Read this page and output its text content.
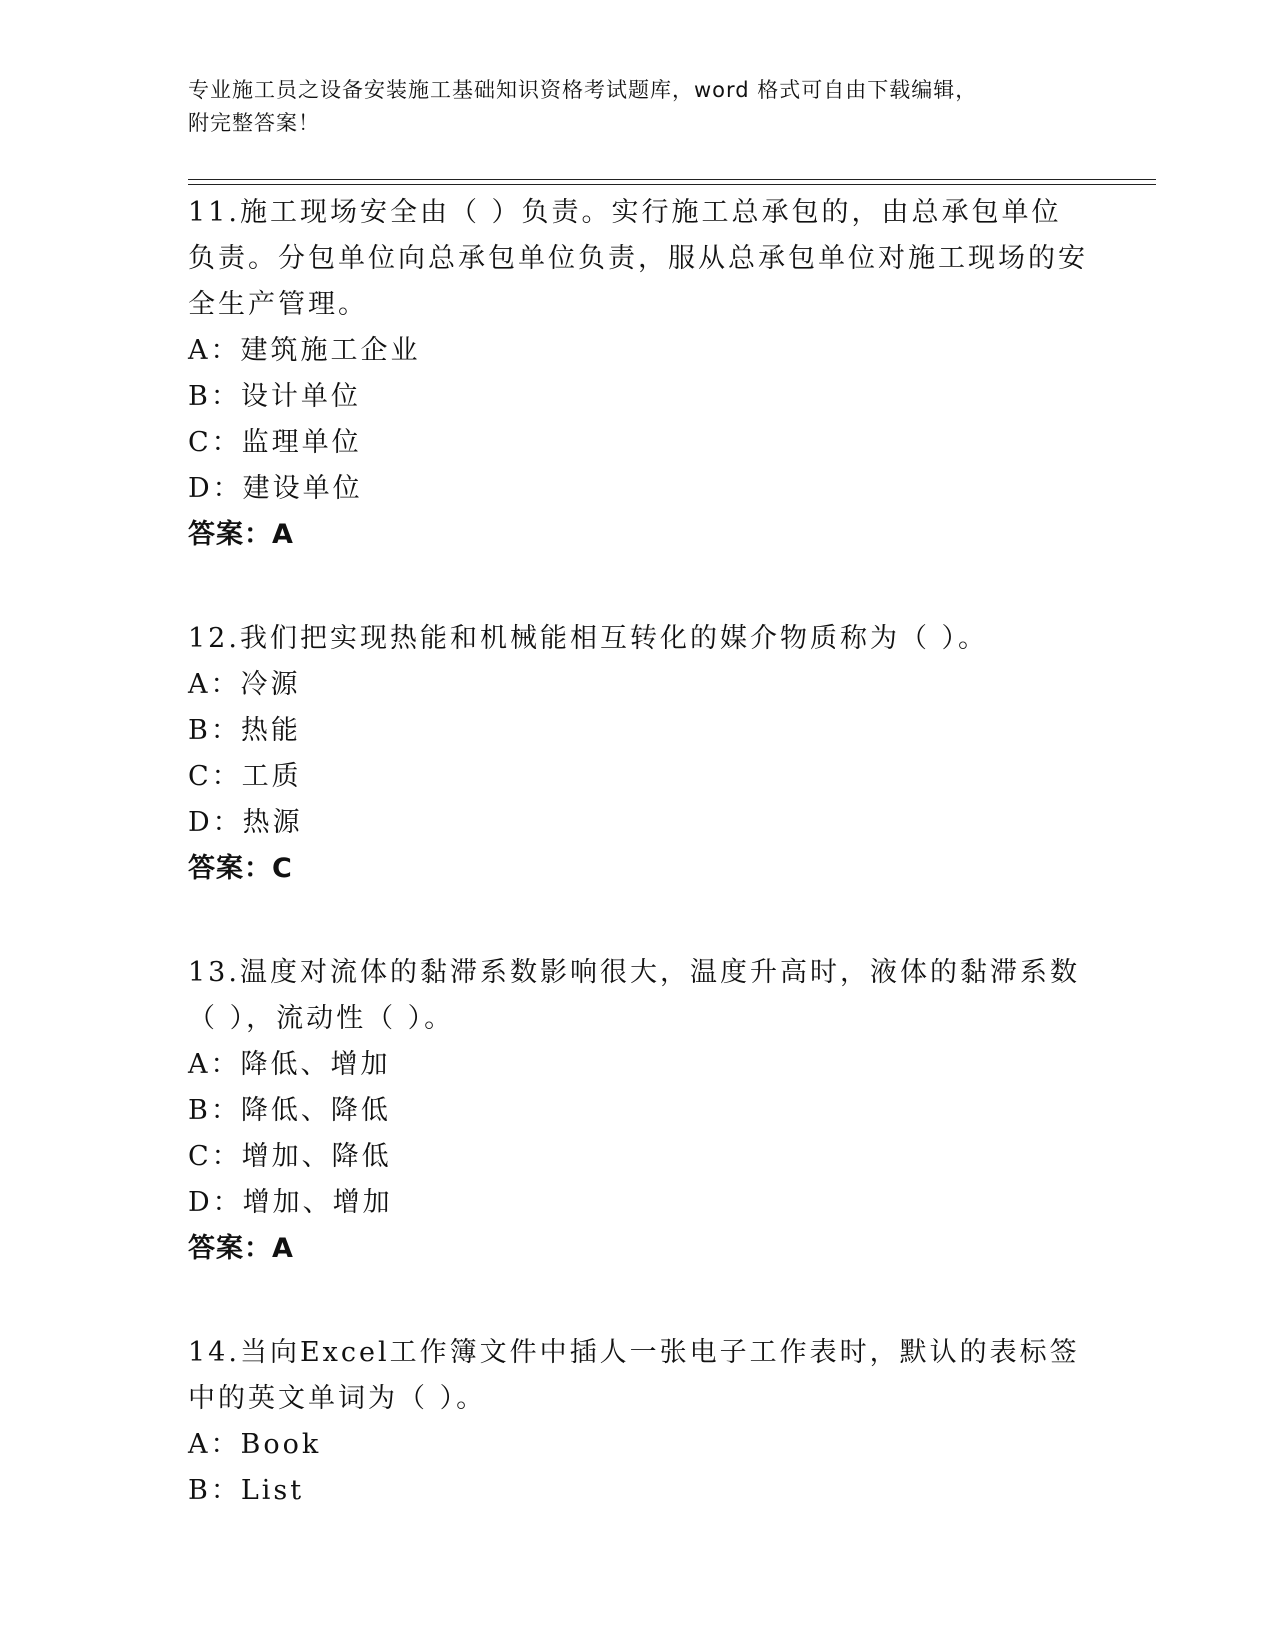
专业施工员之设备安装施工基础知识资格考试题库，word 格式可自由下载编辑，
附完整答案！
11.施工现场安全由（ ）负责。实行施工总承包的，由总承包单位负责。分包单位向总承包单位负责，服从总承包单位对施工现场的安全生产管理。
A：建筑施工企业
B：设计单位
C：监理单位
D：建设单位
答案：A
12.我们把实现热能和机械能相互转化的媒介物质称为（ ）。
A：冷源
B：热能
C：工质
D：热源
答案：C
13.温度对流体的黏滞系数影响很大，温度升高时，液体的黏滞系数（ ），流动性（ ）。
A：降低、增加
B：降低、降低
C：增加、降低
D：增加、增加
答案：A
14.当向Excel工作簿文件中插人一张电子工作表时，默认的表标签中的英文单词为（ ）。
A：Book
B：List
